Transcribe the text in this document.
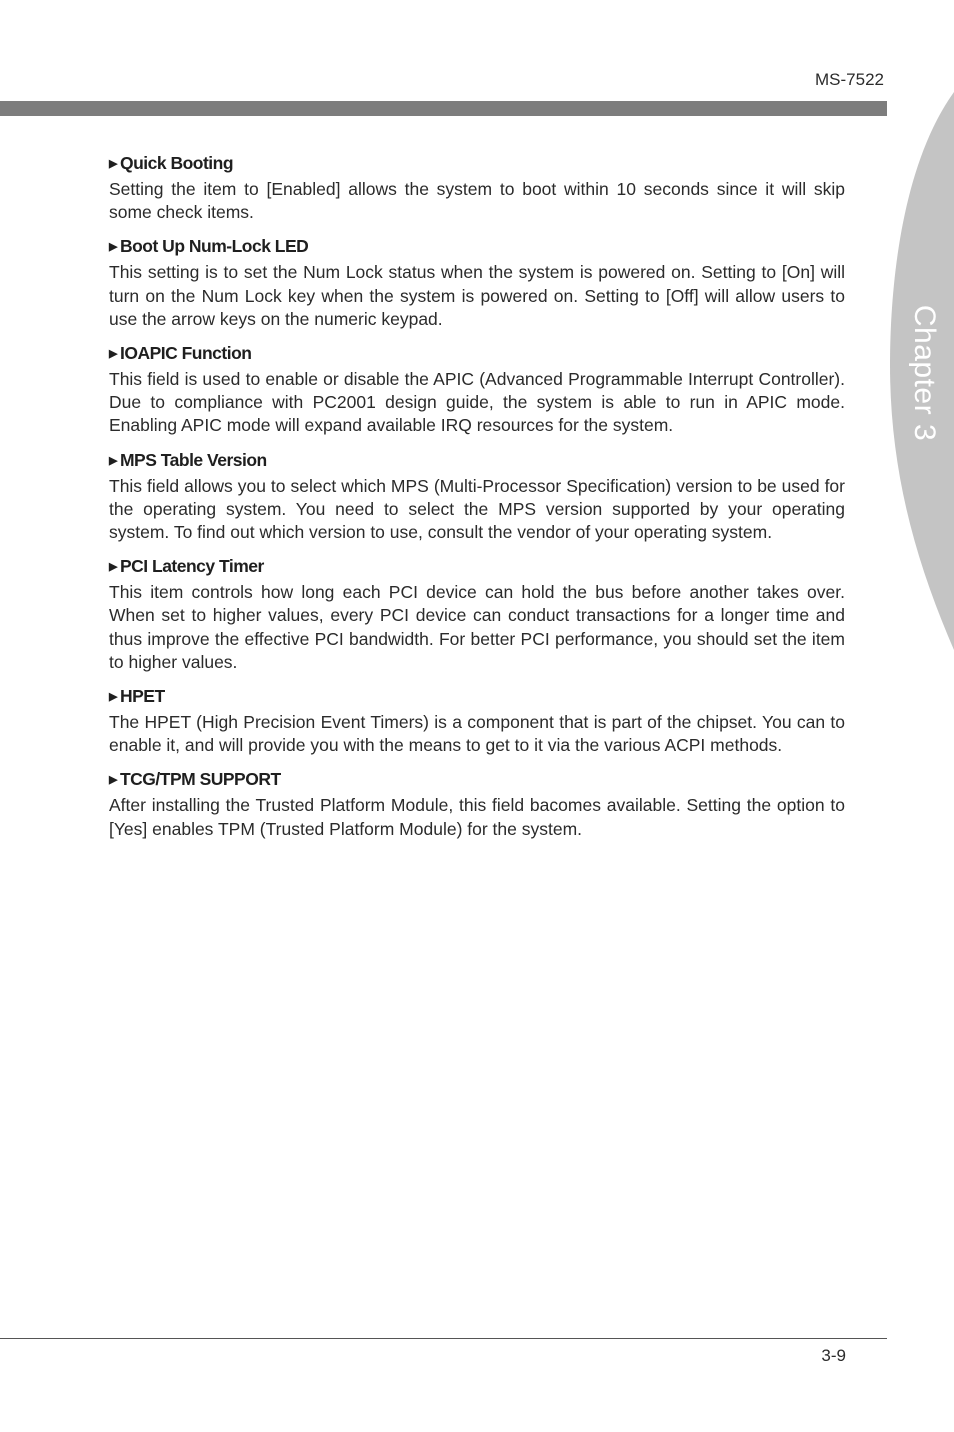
MS-7522
Chapter 3
▶ Quick Booting

Setting the item to [Enabled] allows the system to boot within 10 seconds since it will skip some check items.

▶ Boot Up Num-Lock LED

This setting is to set the Num Lock status when the system is powered on. Setting to [On] will turn on the Num Lock key when the system is powered on. Setting to [Off] will allow users to use the arrow keys on the numeric keypad.

▶ IOAPIC Function

This field is used to enable or disable the APIC (Advanced Programmable Interrupt Controller). Due to compliance with PC2001 design guide, the system is able to run in APIC mode. Enabling APIC mode will expand available IRQ resources for the system.

▶ MPS Table Version

This field allows you to select which MPS (Multi-Processor Specification) version to be used for the operating system. You need to select the MPS version supported by your operating system. To find out which version to use, consult the vendor of your operating system.

▶ PCI Latency Timer

This item controls how long each PCI device can hold the bus before another takes over. When set to higher values, every PCI device can conduct transactions for a longer time and thus improve the effective PCI bandwidth. For better PCI performance, you should set the item to higher values.

▶ HPET

The HPET (High Precision Event Timers) is a component that is part of the chipset. You can to enable it, and will provide you with the means to get to it via the various ACPI methods.

▶ TCG/TPM SUPPORT

After installing the Trusted Platform Module, this field bacomes available. Setting the option to [Yes] enables TPM (Trusted Platform Module) for the system.

3-9
